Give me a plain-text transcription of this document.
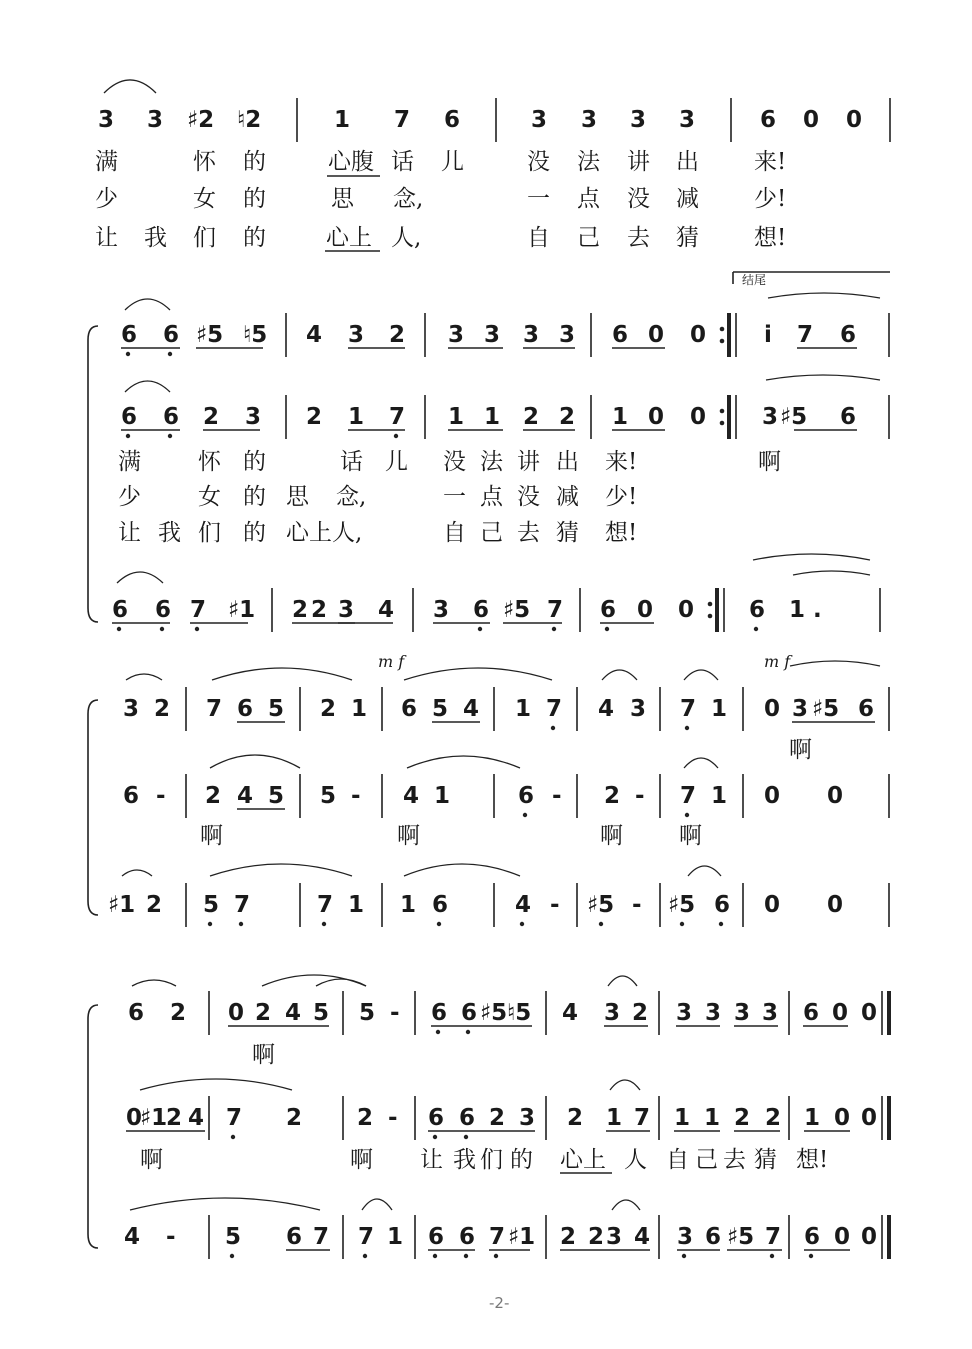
3 3 ♯2 ♮2	1 7 6	3 3 3 3	6 0 0
满	怀 的	心腹 话 儿	没 法 讲 出 来!
少	女 的	思 念,	一 点 没 减 少!
让 我 们 的	心上 人,	自 己 去 猜 想!
6 6 ♯5 ♮5 4 3 2 3 3 3 3 6 0 0	i 7 6
结尾
6 6 2 3 2 1 7 1 1 2 2 1 0 0 3 ♯5 6
满 怀 的	话 儿 没 法 讲 出 来!	啊
少 女 的 思 念,	一 点 没 减 少!
让 我 们 的 心上人,	自 己 去 猜 想!
6 6 7 ♯1 2 2 3 4 3 6 ♯5 7 6 0 0 6 1 .
3 2 7 6 5 2 1 6 5 4 1 7 4 3 7 1 0 3 ♯5 6
m f	m f
啊
6 - 2 4 5 5 - 4 1	6 - 2 - 7 1 0 0
啊	啊	啊 啊
♯1 2 5 7	7 1 1 6	4 - ♯5 - ♯5 6 0 0
6 2 0 2 4 5 5 - 6 6 ♯5 ♮5 4 3 2 3 3 3 3 6 0 0
啊
0
♯1
2 4 7 2 2 - 6 6 2 3 2 1 7 1 1 2 2 1 0 0
啊	啊 让 我 们 的 心上 人 自 己 去 猜 想!
4 - 5 6 7 7 1 6 6 7 ♯1 2 2 3 4 3 6 ♯5 7 6 0 0
-2-
